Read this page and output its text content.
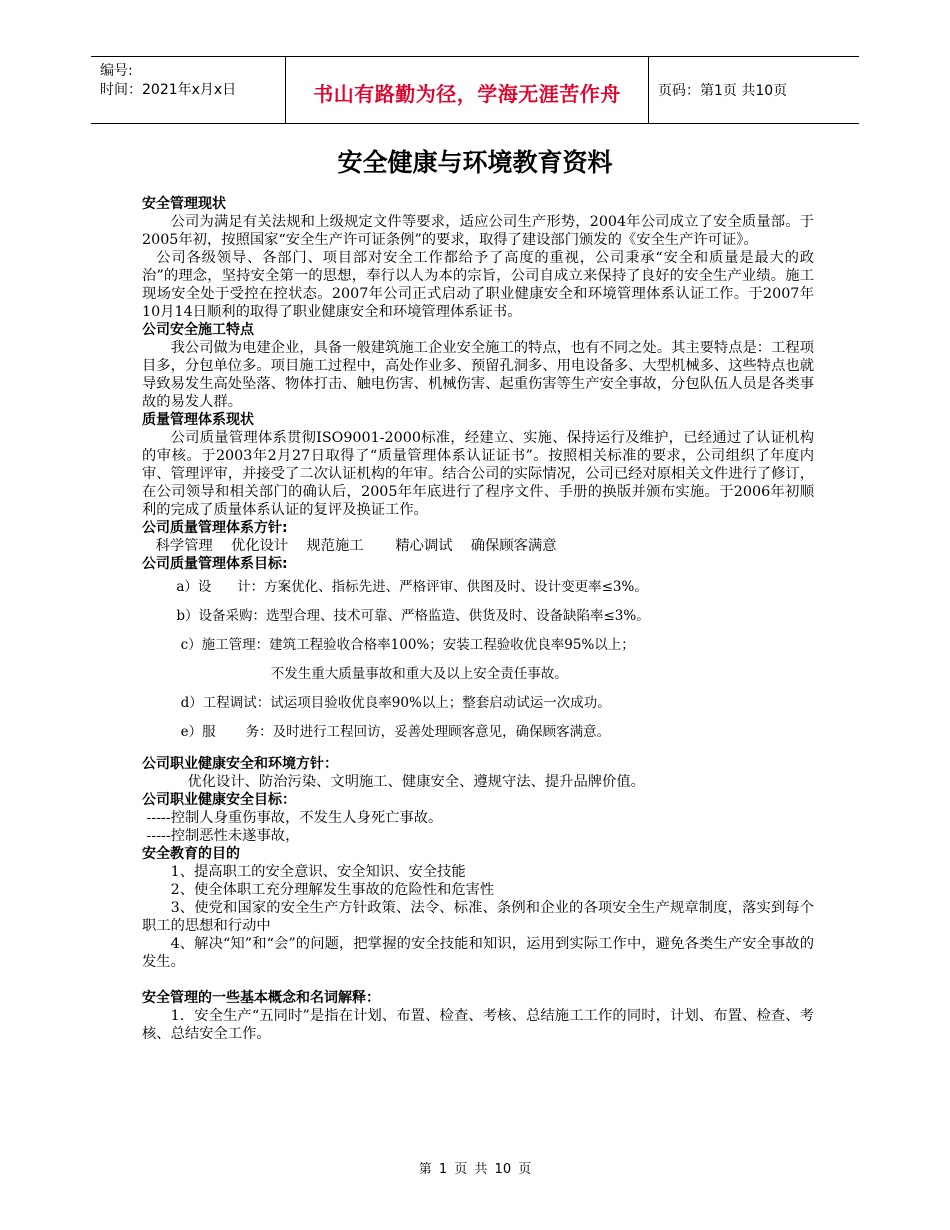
编号:
时间：2021年x月x日	书山有路勤为径，学海无涯苦作舟	页码：第1页 共10页
安全健康与环境教育资料
安全管理现状
公司为满足有关法规和上级规定文件等要求，适应公司生产形势，2004年公司成立了安全质量部。于2005年初，按照国家“安全生产许可证条例”的要求，取得了建设部门颁发的《安全生产许可证》。
公司各级领导、各部门、项目部对安全工作都给予了高度的重视，公司秉承“安全和质量是最大的政治”的理念，坚持安全第一的思想，奉行以人为本的宗旨，公司自成立来保持了良好的安全生产业绩。施工现场安全处于受控在控状态。2007年公司正式启动了职业健康安全和环境管理体系认证工作。于2007年10月14日顺利的取得了职业健康安全和环境管理体系证书。
公司安全施工特点
我公司做为电建企业，具备一般建筑施工企业安全施工的特点，也有不同之处。其主要特点是：工程项目多，分包单位多。项目施工过程中，高处作业多、预留孔洞多、用电设备多、大型机械多、这些特点也就导致易发生高处坠落、物体打击、触电伤害、机械伤害、起重伤害等生产安全事故，分包队伍人员是各类事故的易发人群。
质量管理体系现状
公司质量管理体系贯彻ISO9001-2000标准，经建立、实施、保持运行及维护，已经通过了认证机构的审核。于2003年2月27日取得了“质量管理体系认证证书”。按照相关标准的要求，公司组织了年度内审、管理评审，并接受了二次认证机构的年审。结合公司的实际情况，公司已经对原相关文件进行了修订，在公司领导和相关部门的确认后，2005年年底进行了程序文件、手册的换版并颁布实施。于2006年初顺利的完成了质量体系认证的复评及换证工作。
公司质量管理体系方针:
科学管理    优化设计    规范施工       精心调试    确保顾客满意
公司质量管理体系目标:
a）设      计：方案优化、指标先进、严格评审、供图及时、设计变更率≤3%。
b）设备采购：选型合理、技术可靠、严格监造、供货及时、设备缺陷率≤3%。
c）施工管理：建筑工程验收合格率100%；安装工程验收优良率95%以上；
不发生重大质量事故和重大及以上安全责任事故。
d）工程调试：试运项目验收优良率90%以上；整套启动试运一次成功。
e）服       务：及时进行工程回访，妥善处理顾客意见，确保顾客满意。
公司职业健康安全和环境方针：
优化设计、防治污染、文明施工、健康安全、遵规守法、提升品牌价值。
公司职业健康安全目标：
-----控制人身重伤事故，不发生人身死亡事故。
-----控制恶性未遂事故，
安全教育的目的
1、提高职工的安全意识、安全知识、安全技能
2、使全体职工充分理解发生事故的危险性和危害性
3、使党和国家的安全生产方针政策、法令、标准、条例和企业的各项安全生产规章制度，落实到每个职工的思想和行动中
4、解决“知”和“会”的问题，把掌握的安全技能和知识，运用到实际工作中，避免各类生产安全事故的发生。
安全管理的一些基本概念和名词解释：
1．安全生产“五同时”是指在计划、布置、检查、考核、总结施工工作的同时，计划、布置、检查、考核、总结安全工作。
第 1 页 共 10 页
